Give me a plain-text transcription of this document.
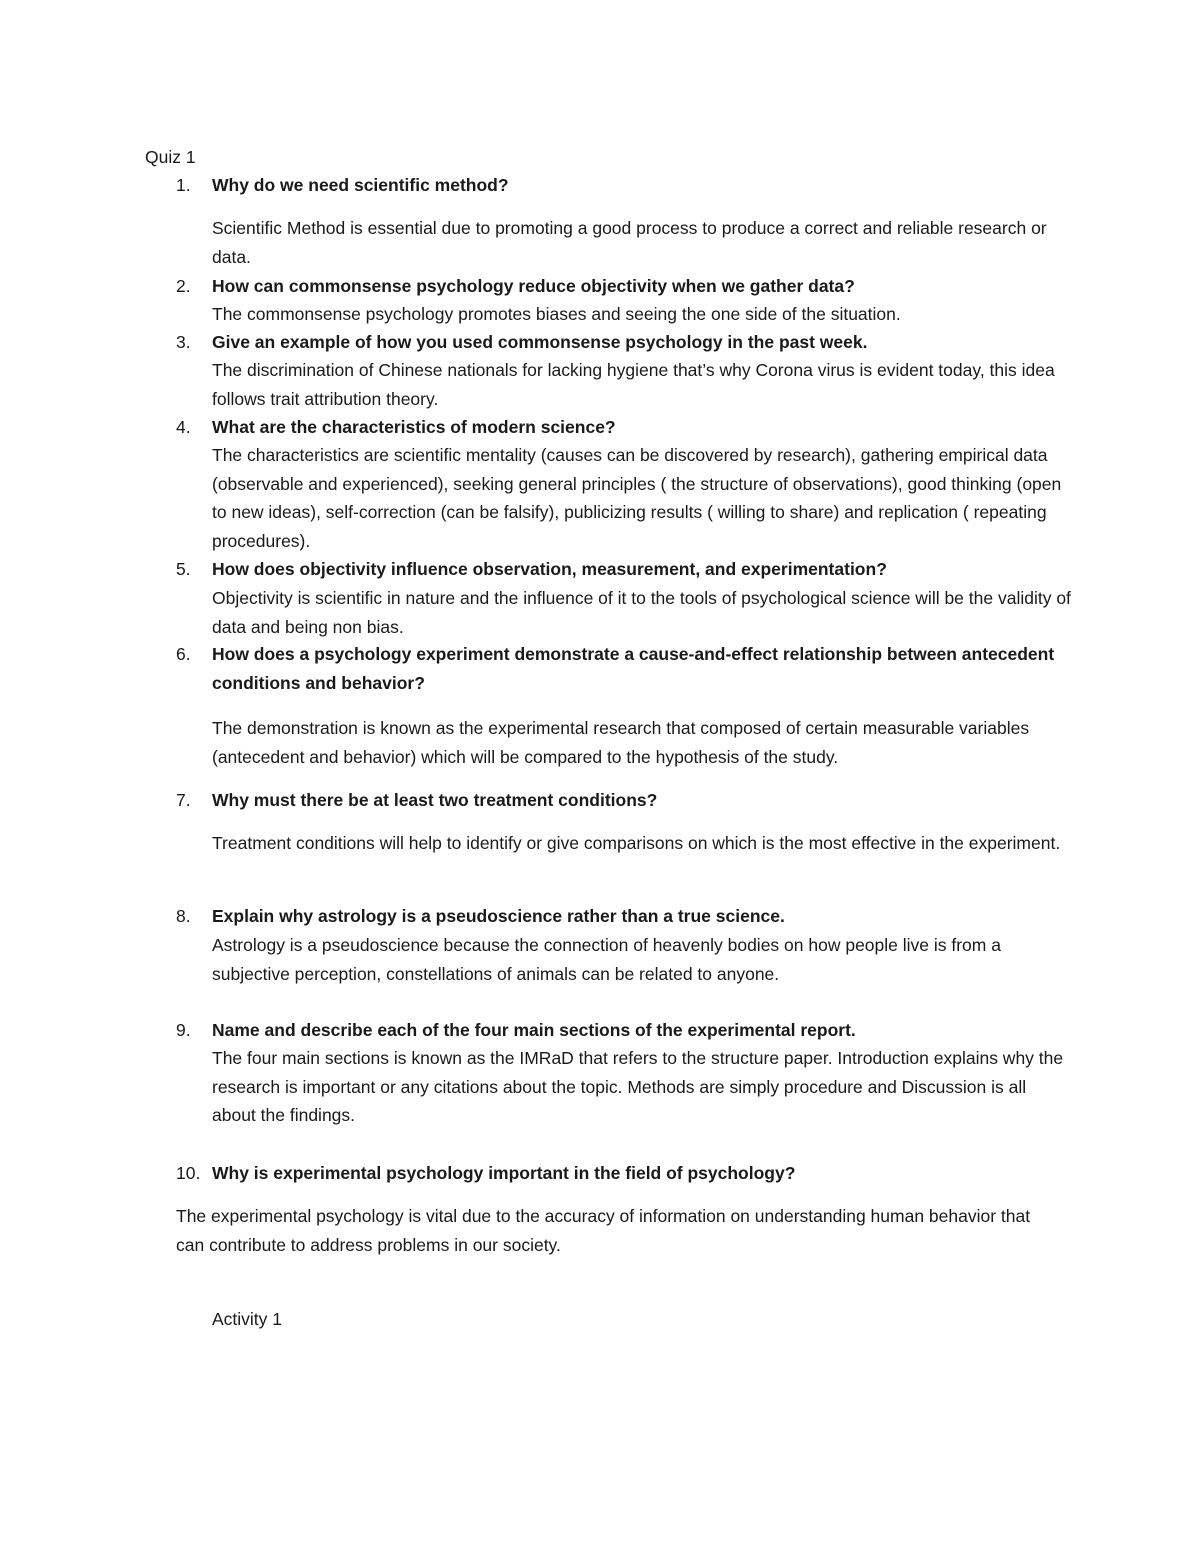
Quiz 1
1.	Why do we need scientific method?
Scientific Method is essential due to promoting a good process to produce a correct and reliable research or data.
2.	How can commonsense psychology reduce objectivity when we gather data?
The commonsense psychology promotes biases and seeing the one side of the situation.
3.	Give an example of how you used commonsense psychology in the past week.
The discrimination of Chinese nationals for lacking hygiene that’s why Corona virus is evident today, this idea follows trait attribution theory.
4.	What are the characteristics of modern science?
The characteristics are scientific mentality (causes can be discovered by research), gathering empirical data (observable and experienced), seeking general principles ( the structure of observations), good thinking (open to new ideas), self-correction (can be falsify), publicizing results ( willing to share) and replication ( repeating procedures).
5.	How does objectivity influence observation, measurement, and experimentation?
Objectivity is scientific in nature and the influence of it to the tools of psychological science will be the validity of data and being non bias.
6.	How does a psychology experiment demonstrate a cause-and-effect relationship between antecedent conditions and behavior?
The demonstration is known as the experimental research that composed of certain measurable variables (antecedent and behavior) which will be compared to the hypothesis of the study.
7.	Why must there be at least two treatment conditions?
Treatment conditions will help to identify or give comparisons on which is the most effective in the experiment.
8.	Explain why astrology is a pseudoscience rather than a true science.
Astrology is a pseudoscience because the connection of heavenly bodies on how people live is from a subjective perception, constellations of animals can be related to anyone.
9.	Name and describe each of the four main sections of the experimental report.
The four main sections is known as the IMRaD that refers to the structure paper. Introduction explains why the research is important or any citations about the topic. Methods are simply procedure and Discussion is all about the findings.
10. Why is experimental psychology important in the field of psychology?
The experimental psychology is vital due to the accuracy of information on understanding human behavior that can contribute to address problems in our society.
Activity 1
